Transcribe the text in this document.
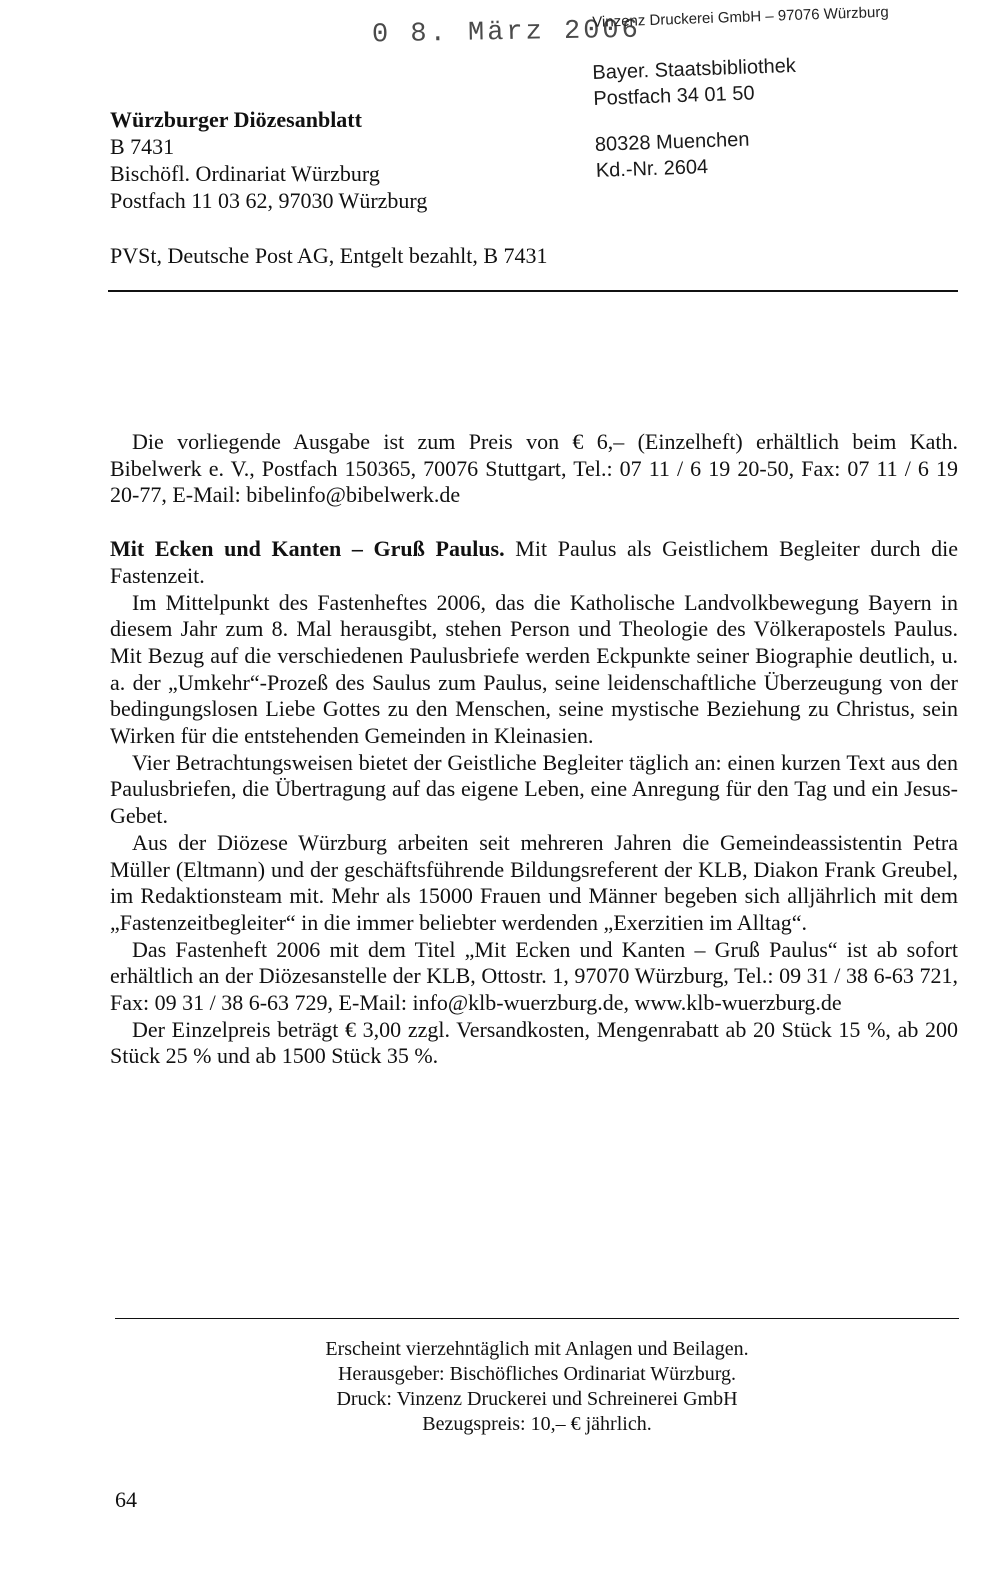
0 8. März 2006
Vinzenz Druckerei GmbH – 97076 Würzburg
Bayer. Staatsbibliothek
Postfach 34 01 50
80328 Muenchen
Kd.-Nr. 2604
Würzburger Diözesanblatt
B 7431
Bischöfl. Ordinariat Würzburg
Postfach 11 03 62, 97030 Würzburg
PVSt, Deutsche Post AG, Entgelt bezahlt, B 7431

Die vorliegende Ausgabe ist zum Preis von € 6,– (Einzelheft) erhältlich beim Kath. Bibelwerk e. V., Postfach 150365, 70076 Stuttgart, Tel.: 07 11 / 6 19 20-50, Fax: 07 11 / 6 19 20-77, E-Mail: bibelinfo@bibelwerk.de

Mit Ecken und Kanten – Gruß Paulus. Mit Paulus als Geistlichem Begleiter durch die Fastenzeit.

Im Mittelpunkt des Fastenheftes 2006, das die Katholische Landvolkbewegung Bayern in diesem Jahr zum 8. Mal herausgibt, stehen Person und Theologie des Völkerapostels Paulus. Mit Bezug auf die verschiedenen Paulusbriefe werden Eckpunkte seiner Biographie deutlich, u. a. der „Umkehr“-Prozeß des Saulus zum Paulus, seine leidenschaftliche Überzeugung von der bedingungslosen Liebe Gottes zu den Menschen, seine mystische Beziehung zu Christus, sein Wirken für die entstehenden Gemeinden in Kleinasien.

Vier Betrachtungsweisen bietet der Geistliche Begleiter täglich an: einen kurzen Text aus den Paulusbriefen, die Übertragung auf das eigene Leben, eine Anregung für den Tag und ein Jesus-Gebet.

Aus der Diözese Würzburg arbeiten seit mehreren Jahren die Gemeindeassistentin Petra Müller (Eltmann) und der geschäftsführende Bildungsreferent der KLB, Diakon Frank Greubel, im Redaktionsteam mit. Mehr als 15000 Frauen und Männer begeben sich alljährlich mit dem „Fastenzeitbegleiter“ in die immer beliebter werdenden „Exerzitien im Alltag“.

Das Fastenheft 2006 mit dem Titel „Mit Ecken und Kanten – Gruß Paulus“ ist ab sofort erhältlich an der Diözesanstelle der KLB, Ottostr. 1, 97070 Würzburg, Tel.: 09 31 / 38 6-63 721, Fax: 09 31 / 38 6-63 729, E-Mail: info@klb-wuerzburg.de, www.klb-wuerzburg.de

Der Einzelpreis beträgt € 3,00 zzgl. Versandkosten, Mengenrabatt ab 20 Stück 15 %, ab 200 Stück 25 % und ab 1500 Stück 35 %.

Erscheint vierzehntäglich mit Anlagen und Beilagen.
Herausgeber: Bischöfliches Ordinariat Würzburg.
Druck: Vinzenz Druckerei und Schreinerei GmbH
Bezugspreis: 10,– € jährlich.
64
